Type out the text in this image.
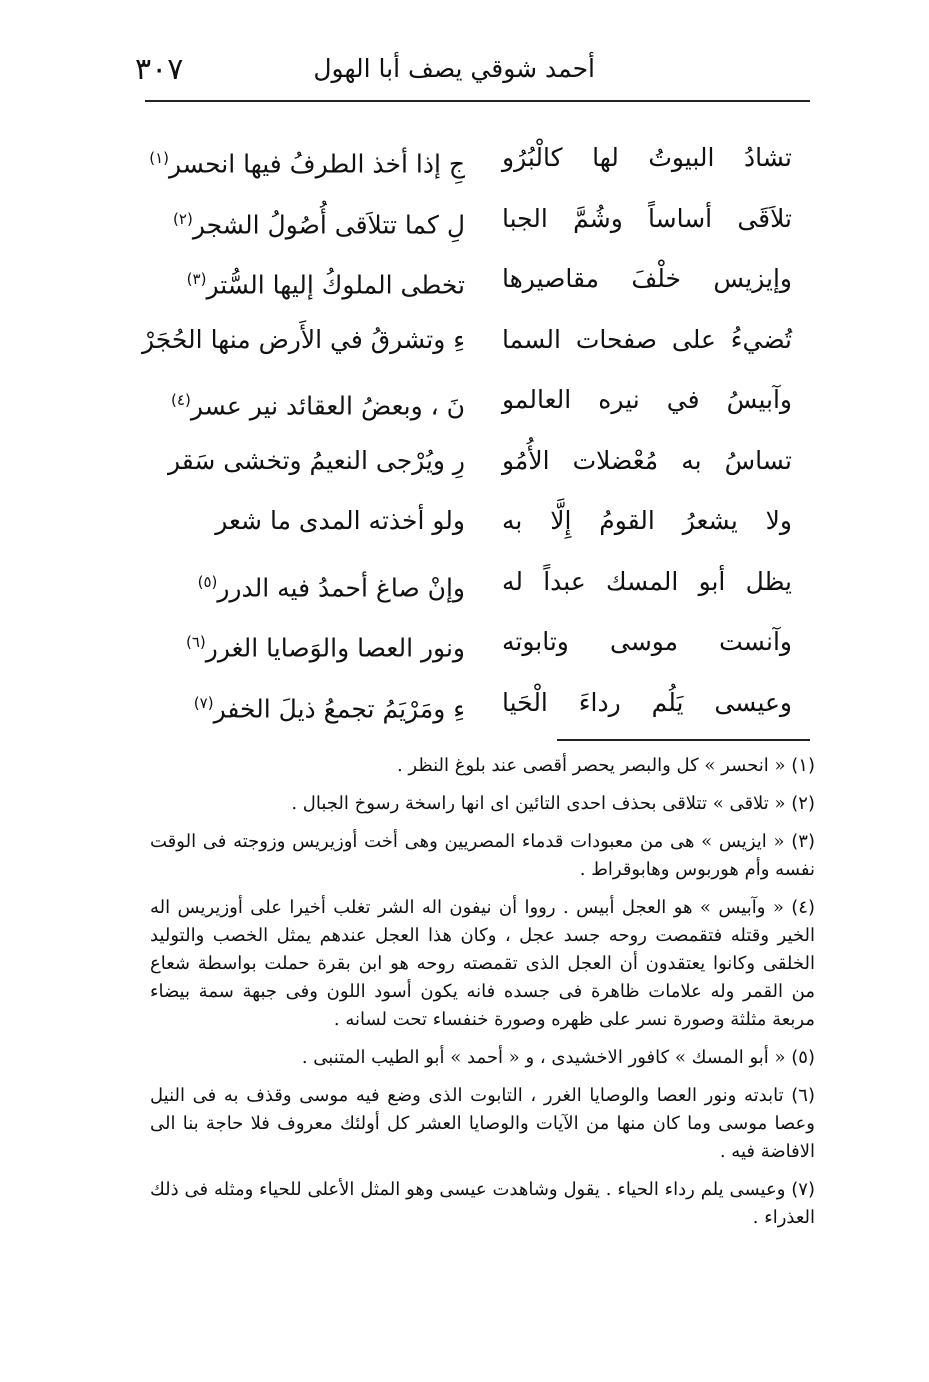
أحمد شوقي يصف أبا الهول
٣٠٧
تشادُ
البيوتُ
لها
كالْبُرُو
جِ إذا أخذ الطرفُ فيها انحسر$^{(١)}$
تلاَقَى
أساساً
وشُمَّ
الجبا
لِ كما تتلاَقى أُصُولُ الشجر$^{(٢)}$
وإيزيس
خلْفَ
مقاصيرها
تخطى الملوكُ إليها السُّتر$^{(٣)}$
تُضيءُ
على
صفحات
السما
ءِ وتشرقُ في الأَرض منها الحُجَرْ
وآبيسُ
في
نيره
العالمو
نَ ، وبعضُ العقائد نير عسر$^{(٤)}$
تساسُ
به
مُعْضلات
الأُمُو
رِ ويُرْجى النعيمُ وتخشى سَقر
ولا
يشعرُ
القومُ
إِلَّا
به
ولو أخذته المدى ما شعر
يظل
أبو
المسك
عبداً
له
وإنْ صاغ أحمدُ فيه الدرر$^{(٥)}$
وآنست
موسى
وتابوته
ونور العصا والوَصايا الغرر$^{(٦)}$
وعيسى
يَلُم
رداءَ
الْحَيا
ءِ ومَرْيَمُ تجمعُ ذيلَ الخفر$^{(٧)}$
(١) « انحسر » كل والبصر يحصر أقصى عند بلوغ النظر .
(٢) « تلاقى » تتلاقى بحذف احدى التائين اى انها راسخة رسوخ الجبال .
(٣) « ايزيس » هى من معبودات قدماء المصريين وهى أخت أوزيريس وزوجته فى الوقت نفسه وأم هوربوس وهابوقراط .
(٤) « وآبيس » هو العجل أبيس . رووا أن نيفون اله الشر تغلب أخيرا على أوزيريس اله الخير وقتله فتقمصت روحه جسد عجل ، وكان هذا العجل عندهم يمثل الخصب والتوليد الخلقى وكانوا يعتقدون أن العجل الذى تقمصته روحه هو ابن بقرة حملت بواسطة شعاع من القمر وله علامات ظاهرة فى جسده فانه يكون أسود اللون وفى جبهة سمة بيضاء مربعة مثلثة وصورة نسر على ظهره وصورة خنفساء تحت لسانه .
(٥) « أبو المسك » كافور الاخشيدى ، و « أحمد » أبو الطيب المتنبى .
(٦) تابدته ونور العصا والوصايا الغرر ، التابوت الذى وضع فيه موسى وقذف به فى النيل وعصا موسى وما كان منها من الآيات والوصايا العشر كل أولئك معروف فلا حاجة بنا الى الافاضة فيه .
(٧) وعيسى يلم رداء الحياء . يقول وشاهدت عيسى وهو المثل الأعلى للحياء ومثله فى ذلك العذراء .
